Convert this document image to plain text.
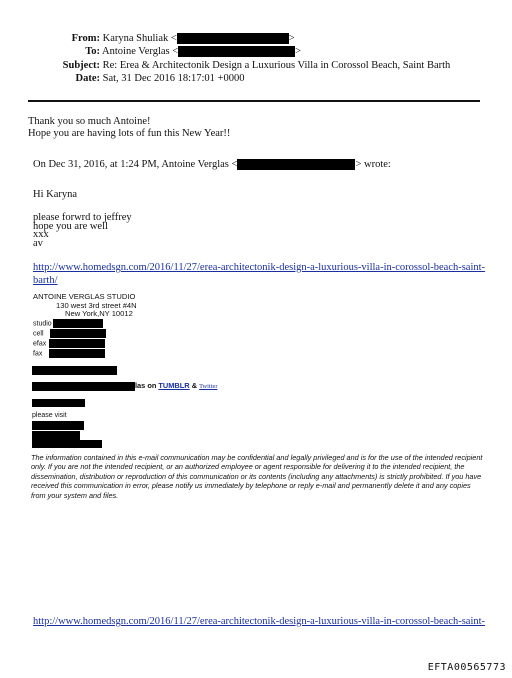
From: Karyna Shuliak <	>
To: Antoine Verglas <	>
Subject: Re: Erea & Architectonik Design a Luxurious Villa in Corossol Beach, Saint Barth
Date: Sat, 31 Dec 2016 18:17:01 +0000
Thank you so much Antoine!
Hope you are having lots of fun this New Year!!
On Dec 31, 2016, at 1:24 PM, Antoine Verglas <	> wrote:
Hi Karyna
please forwrd to jeffrey
hope you are well
xxx
av
http://www.homedsgn.com/2016/11/27/erea-architectonik-design-a-luxurious-villa-in-corossol-beach-saint-
barth/
ANTOINE VERGLAS STUDIO
130 west 3rd street #4N
New York,NY 10012
studio
cell
efax
fax
las on TUMBLR & Twitter
please visit
The information contained in this e-mail communication may be confidential and legally privileged and is for the use of the intended recipient only. If you are not the intended recipient, or an authorized employee or agent responsible for delivering it to the intended recipient, the dissemination, distribution or reproduction of this communication or its contents (including any attachments) is strictly prohibited. If you have received this communication in error, please notify us immediately by telephone or reply e-mail and permanently delete it and any copies from your system and files.
http://www.homedsgn.com/2016/11/27/erea-architectonik-design-a-luxurious-villa-in-corossol-beach-saint-
EFTA00565773
